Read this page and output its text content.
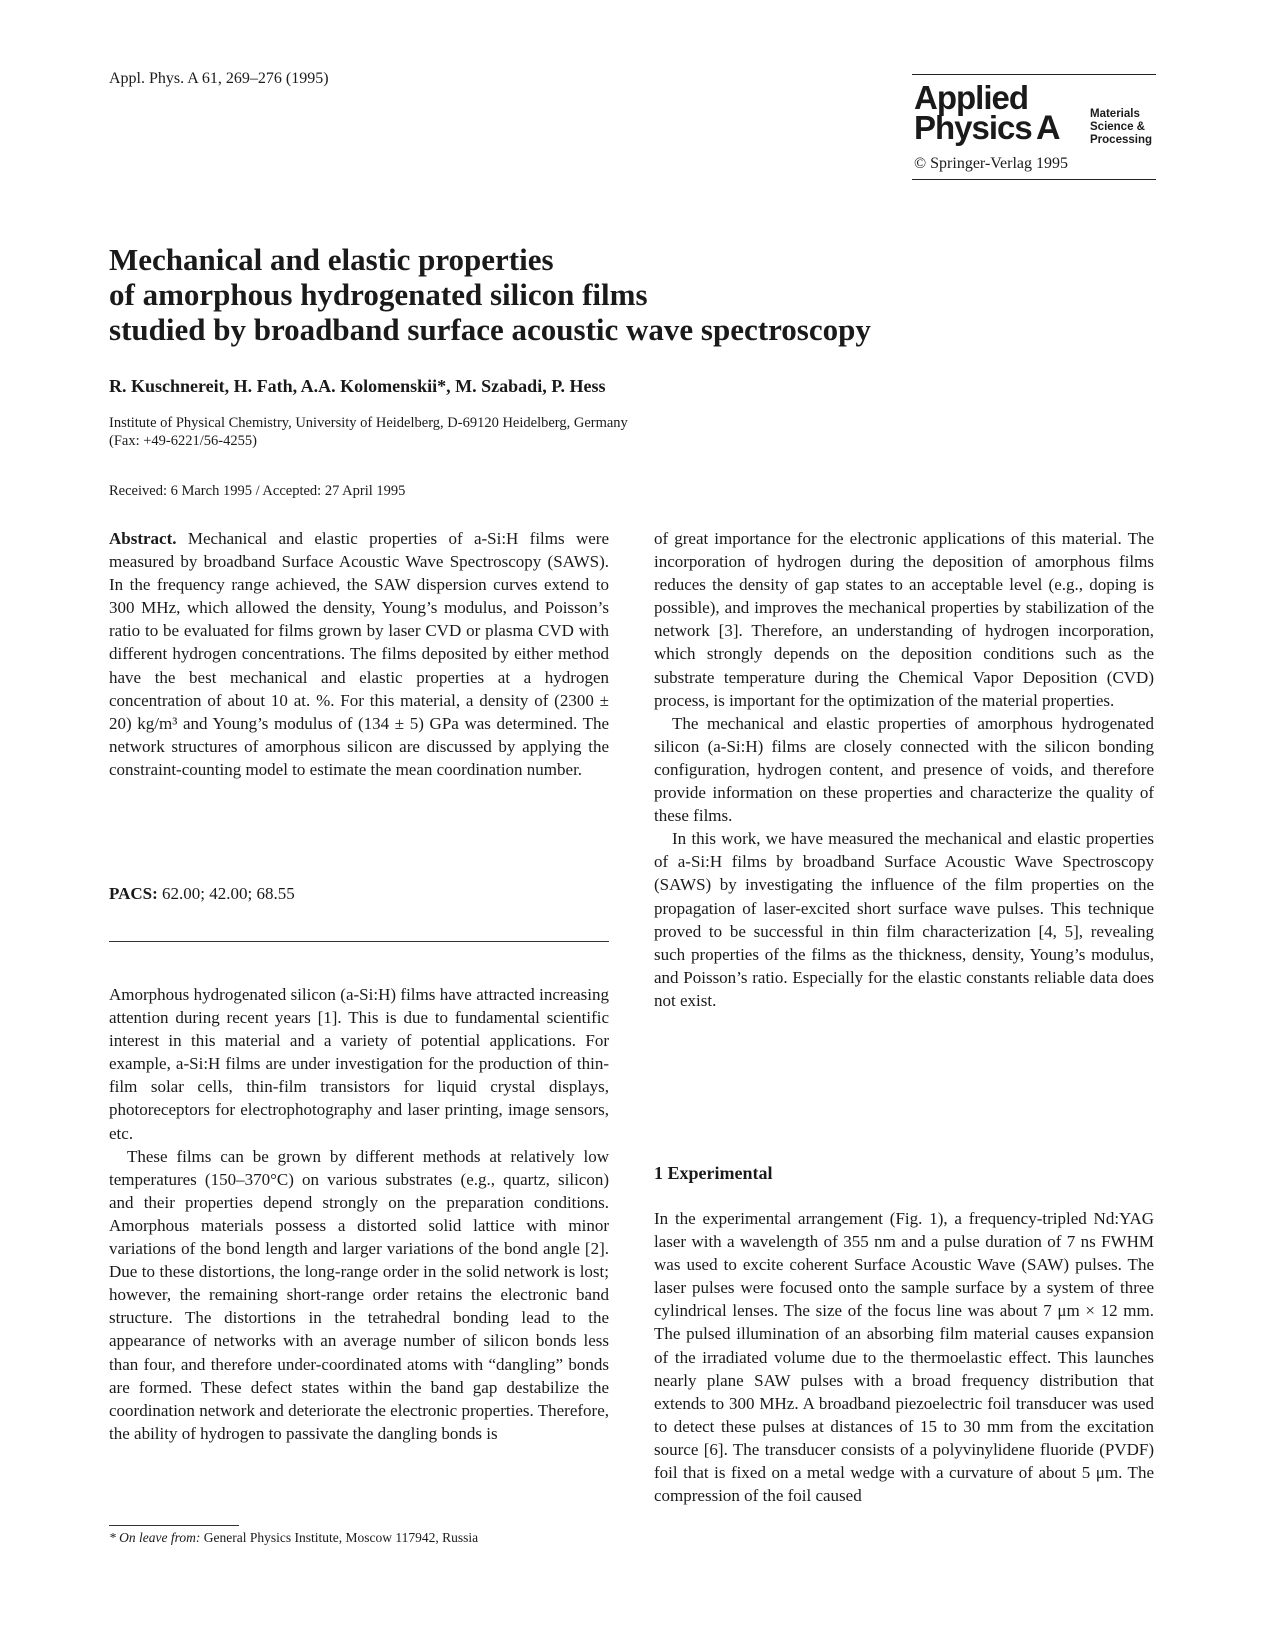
Appl. Phys. A 61, 269–276 (1995)
Applied
Physics A	Materials
Science &
Processing
© Springer-Verlag 1995
Mechanical and elastic properties
of amorphous hydrogenated silicon films
studied by broadband surface acoustic wave spectroscopy
R. Kuschnereit, H. Fath, A.A. Kolomenskii*, M. Szabadi, P. Hess
Institute of Physical Chemistry, University of Heidelberg, D-69120 Heidelberg, Germany
(Fax: +49-6221/56-4255)
Received: 6 March 1995 / Accepted: 27 April 1995

Abstract. Mechanical and elastic properties of a-Si:H films were measured by broadband Surface Acoustic Wave Spectroscopy (SAWS). In the frequency range achieved, the SAW dispersion curves extend to 300 MHz, which allowed the density, Young’s modulus, and Poisson’s ratio to be evaluated for films grown by laser CVD or plasma CVD with different hydrogen concentrations. The films deposited by either method have the best mechanical and elastic properties at a hydrogen concentration of about 10 at. %. For this material, a density of (2300 ± 20) kg/m³ and Young’s modulus of (134 ± 5) GPa was determined. The network structures of amorphous silicon are discussed by applying the constraint-counting model to estimate the mean coordination number.

PACS: 62.00; 42.00; 68.55

Amorphous hydrogenated silicon (a-Si:H) films have attracted increasing attention during recent years [1]. This is due to fundamental scientific interest in this material and a variety of potential applications. For example, a-Si:H films are under investigation for the production of thin-film solar cells, thin-film transistors for liquid crystal displays, photoreceptors for electrophotography and laser printing, image sensors, etc.

These films can be grown by different methods at relatively low temperatures (150–370°C) on various substrates (e.g., quartz, silicon) and their properties depend strongly on the preparation conditions. Amorphous materials possess a distorted solid lattice with minor variations of the bond length and larger variations of the bond angle [2]. Due to these distortions, the long-range order in the solid network is lost; however, the remaining short-range order retains the electronic band structure. The distortions in the tetrahedral bonding lead to the appearance of networks with an average number of silicon bonds less than four, and therefore under-coordinated atoms with “dangling” bonds are formed. These defect states within the band gap destabilize the coordination network and deteriorate the electronic properties. Therefore, the ability of hydrogen to passivate the dangling bonds is

of great importance for the electronic applications of this material. The incorporation of hydrogen during the deposition of amorphous films reduces the density of gap states to an acceptable level (e.g., doping is possible), and improves the mechanical properties by stabilization of the network [3]. Therefore, an understanding of hydrogen incorporation, which strongly depends on the deposition conditions such as the substrate temperature during the Chemical Vapor Deposition (CVD) process, is important for the optimization of the material properties.

The mechanical and elastic properties of amorphous hydrogenated silicon (a-Si:H) films are closely connected with the silicon bonding configuration, hydrogen content, and presence of voids, and therefore provide information on these properties and characterize the quality of these films.

In this work, we have measured the mechanical and elastic properties of a-Si:H films by broadband Surface Acoustic Wave Spectroscopy (SAWS) by investigating the influence of the film properties on the propagation of laser-excited short surface wave pulses. This technique proved to be successful in thin film characterization [4, 5], revealing such properties of the films as the thickness, density, Young’s modulus, and Poisson’s ratio. Especially for the elastic constants reliable data does not exist.

1 Experimental

In the experimental arrangement (Fig. 1), a frequency-tripled Nd:YAG laser with a wavelength of 355 nm and a pulse duration of 7 ns FWHM was used to excite coherent Surface Acoustic Wave (SAW) pulses. The laser pulses were focused onto the sample surface by a system of three cylindrical lenses. The size of the focus line was about 7 μm × 12 mm. The pulsed illumination of an absorbing film material causes expansion of the irradiated volume due to the thermoelastic effect. This launches nearly plane SAW pulses with a broad frequency distribution that extends to 300 MHz. A broadband piezoelectric foil transducer was used to detect these pulses at distances of 15 to 30 mm from the excitation source [6]. The transducer consists of a polyvinylidene fluoride (PVDF) foil that is fixed on a metal wedge with a curvature of about 5 μm. The compression of the foil caused

* On leave from: General Physics Institute, Moscow 117942, Russia
